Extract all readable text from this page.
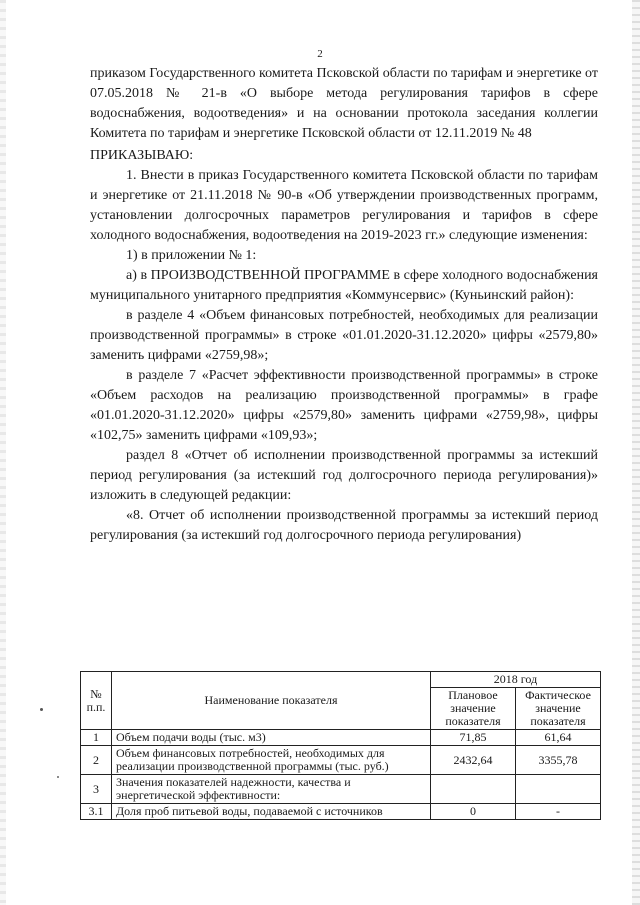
2

приказом Государственного комитета Псковской области по тарифам и энергетике от 07.05.2018 № 21-в «О выборе метода регулирования тарифов в сфере водоснабжения, водоотведения» и на основании протокола заседания коллегии Комитета по тарифам и энергетике Псковской области от 12.11.2019 № 48

ПРИКАЗЫВАЮ:

1. Внести в приказ Государственного комитета Псковской области по тарифам и энергетике от 21.11.2018 № 90-в «Об утверждении производственных программ, установлении долгосрочных параметров регулирования и тарифов в сфере холодного водоснабжения, водоотведения на 2019-2023 гг.» следующие изменения:

1) в приложении № 1:

а) в ПРОИЗВОДСТВЕННОЙ ПРОГРАММЕ в сфере холодного водоснабжения муниципального унитарного предприятия «Коммунсервис» (Куньинский район):

в разделе 4 «Объем финансовых потребностей, необходимых для реализации производственной программы» в строке «01.01.2020-31.12.2020» цифры «2579,80» заменить цифрами «2759,98»;

в разделе 7 «Расчет эффективности производственной программы» в строке «Объем расходов на реализацию производственной программы» в графе «01.01.2020-31.12.2020» цифры «2579,80» заменить цифрами «2759,98», цифры «102,75» заменить цифрами «109,93»;

раздел 8 «Отчет об исполнении производственной программы за истекший период регулирования (за истекший год долгосрочного периода регулирования)» изложить в следующей редакции:

«8. Отчет об исполнении производственной программы за истекший период регулирования (за истекший год долгосрочного периода регулирования)

№ п.п.	Наименование показателя	2018 год	
		Плановое значение показателя	Фактическое значение показателя
1	Объем подачи воды (тыс. м3)	71,85	61,64
2	Объем финансовых потребностей, необходимых для реализации производственной программы (тыс. руб.)	2432,64	3355,78
3	Значения показателей надежности, качества и энергетической эффективности:		
3.1	Доля проб питьевой воды, подаваемой с источников	0	-
